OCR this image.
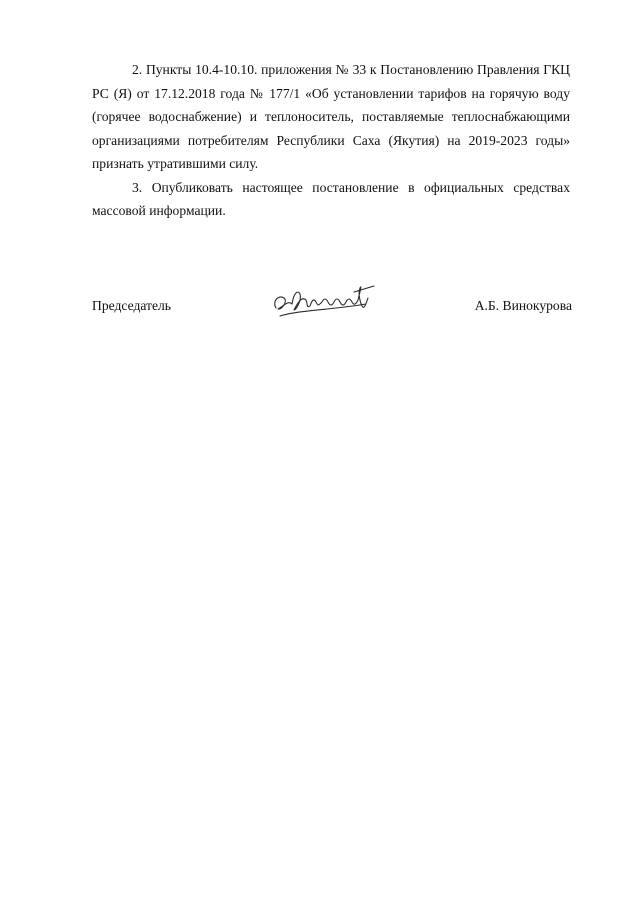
2. Пункты 10.4-10.10. приложения № 33 к Постановлению Правления ГКЦ РС (Я) от 17.12.2018 года № 177/1 «Об установлении тарифов на горячую воду (горячее водоснабжение) и теплоноситель, поставляемые теплоснабжающими организациями потребителям Республики Саха (Якутия) на 2019-2023 годы» признать утратившими силу.

3. Опубликовать настоящее постановление в официальных средствах массовой информации.

Председатель	А.Б. Винокурова
